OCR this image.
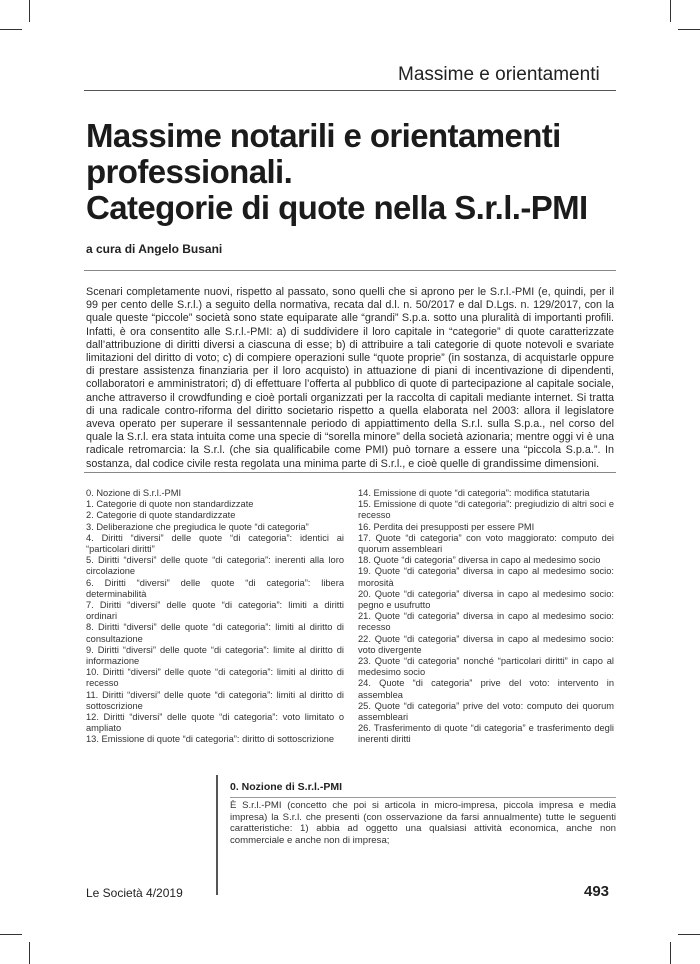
Massime e orientamenti
Massime notarili e orientamenti
professionali.
Categorie di quote nella S.r.l.-PMI
a cura di Angelo Busani

Scenari completamente nuovi, rispetto al passato, sono quelli che si aprono per le S.r.l.-PMI (e, quindi, per il 99 per cento delle S.r.l.) a seguito della normativa, recata dal d.l. n. 50/2017 e dal D.Lgs. n. 129/2017, con la quale queste “piccole” società sono state equiparate alle “grandi” S.p.a. sotto una pluralità di importanti profili. Infatti, è ora consentito alle S.r.l.-PMI: a) di suddividere il loro capitale in “categorie” di quote caratterizzate dall’attribuzione di diritti diversi a ciascuna di esse; b) di attribuire a tali categorie di quote notevoli e svariate limitazioni del diritto di voto; c) di compiere operazioni sulle “quote proprie” (in sostanza, di acquistarle oppure di prestare assistenza finanziaria per il loro acquisto) in attuazione di piani di incentivazione di dipendenti, collaboratori e amministratori; d) di effettuare l’offerta al pubblico di quote di partecipazione al capitale sociale, anche attraverso il crowdfunding e cioè portali organizzati per la raccolta di capitali mediante internet. Si tratta di una radicale contro-riforma del diritto societario rispetto a quella elaborata nel 2003: allora il legislatore aveva operato per superare il sessantennale periodo di appiattimento della S.r.l. sulla S.p.a., nel corso del quale la S.r.l. era stata intuita come una specie di “sorella minore” della società azionaria; mentre oggi vi è una radicale retromarcia: la S.r.l. (che sia qualificabile come PMI) può tornare a essere una “piccola S.p.a.”. In sostanza, dal codice civile resta regolata una minima parte di S.r.l., e cioè quelle di grandissime dimensioni.

0. Nozione di S.r.l.-PMI
1. Categorie di quote non standardizzate
2. Categorie di quote standardizzate
3. Deliberazione che pregiudica le quote “di categoria”
4. Diritti “diversi” delle quote “di categoria”: identici ai “particolari diritti”
5. Diritti “diversi” delle quote “di categoria”: inerenti alla loro circolazione
6. Diritti “diversi” delle quote “di categoria”: libera determinabilità
7. Diritti “diversi” delle quote “di categoria”: limiti a diritti ordinari
8. Diritti “diversi” delle quote “di categoria”: limiti al diritto di consultazione
9. Diritti “diversi” delle quote “di categoria”: limite al diritto di informazione
10. Diritti “diversi” delle quote “di categoria”: limiti al diritto di recesso
11. Diritti “diversi” delle quote “di categoria”: limiti al diritto di sottoscrizione
12. Diritti “diversi” delle quote “di categoria”: voto limitato o ampliato
13. Emissione di quote “di categoria”: diritto di sottoscrizione
14. Emissione di quote “di categoria”: modifica statutaria
15. Emissione di quote “di categoria”: pregiudizio di altri soci e recesso
16. Perdita dei presupposti per essere PMI
17. Quote “di categoria” con voto maggiorato: computo dei quorum assembleari
18. Quote “di categoria” diversa in capo al medesimo socio
19. Quote “di categoria” diversa in capo al medesimo socio: morosità
20. Quote “di categoria” diversa in capo al medesimo socio: pegno e usufrutto
21. Quote “di categoria” diversa in capo al medesimo socio: recesso
22. Quote “di categoria” diversa in capo al medesimo socio: voto divergente
23. Quote “di categoria” nonché “particolari diritti” in capo al medesimo socio
24. Quote “di categoria” prive del voto: intervento in assemblea
25. Quote “di categoria” prive del voto: computo dei quorum assembleari
26. Trasferimento di quote “di categoria” e trasferimento degli inerenti diritti
0. Nozione di S.r.l.-PMI

È S.r.l.-PMI (concetto che poi si articola in micro-impresa, piccola impresa e media impresa) la S.r.l. che presenti (con osservazione da farsi annualmente) tutte le seguenti caratteristiche: 1) abbia ad oggetto una qualsiasi attività economica, anche non commerciale e anche non di impresa;

Le Società 4/2019	493
